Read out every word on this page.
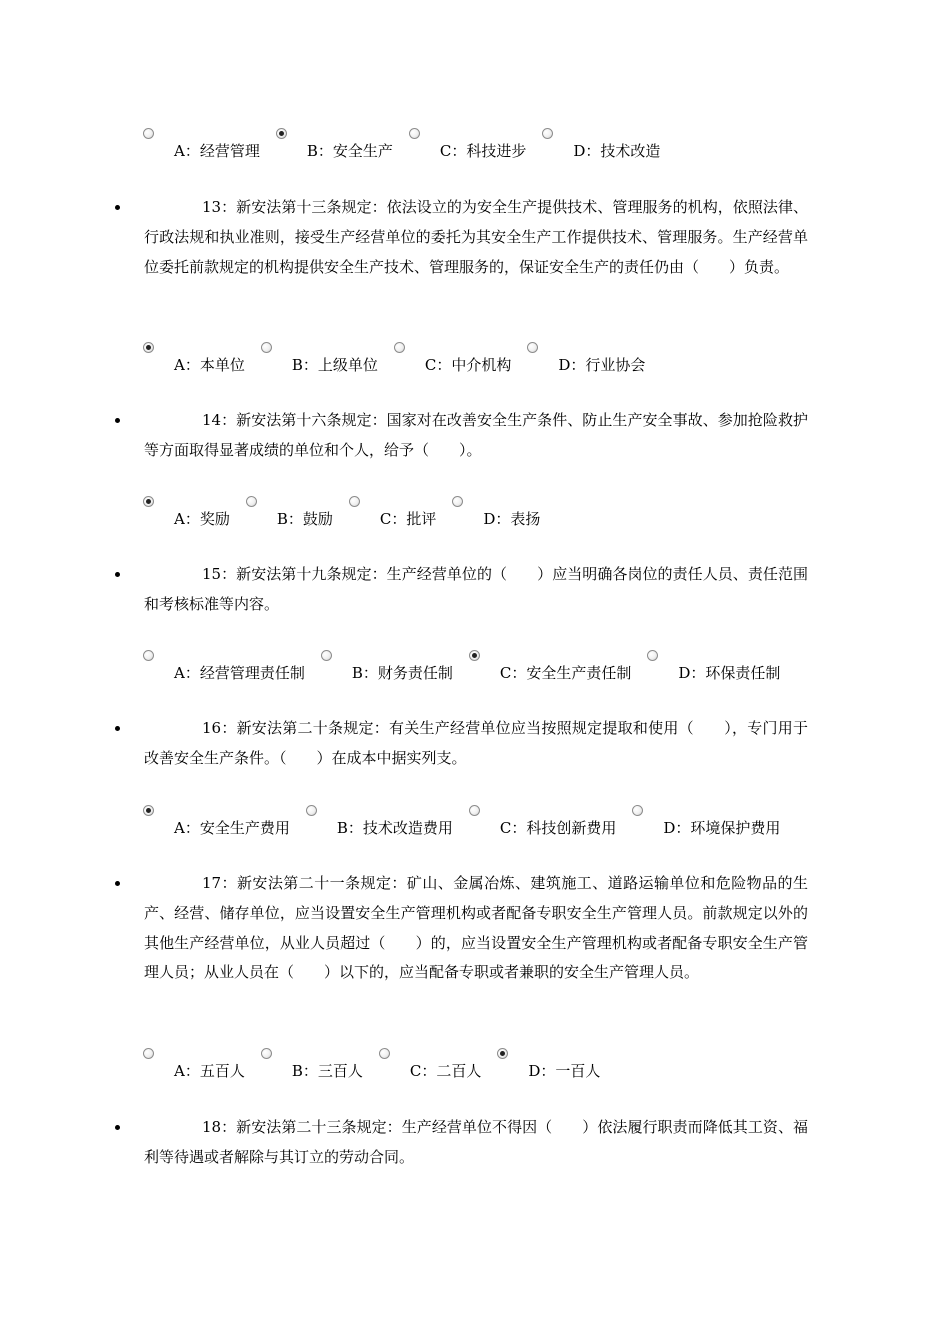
A：经营管理	B：安全生产	C：科技进步	D：技术改造
13：新安法第十三条规定：依法设立的为安全生产提供技术、管理服务的机构，依照法律、行政法规和执业准则，接受生产经营单位的委托为其安全生产工作提供技术、管理服务。生产经营单位委托前款规定的机构提供安全生产技术、管理服务的，保证安全生产的责任仍由（　　）负责。
A：本单位	B：上级单位	C：中介机构	D：行业协会
14：新安法第十六条规定：国家对在改善安全生产条件、防止生产安全事故、参加抢险救护等方面取得显著成绩的单位和个人，给予（　　）。
A：奖励	B：鼓励	C：批评	D：表扬
15：新安法第十九条规定：生产经营单位的（　　）应当明确各岗位的责任人员、责任范围和考核标准等内容。
A：经营管理责任制	B：财务责任制	C：安全生产责任制	D：环保责任制
16：新安法第二十条规定：有关生产经营单位应当按照规定提取和使用（　　），专门用于改善安全生产条件。（　　）在成本中据实列支。
A：安全生产费用	B：技术改造费用	C：科技创新费用	D：环境保护费用
17：新安法第二十一条规定：矿山、金属冶炼、建筑施工、道路运输单位和危险物品的生产、经营、储存单位，应当设置安全生产管理机构或者配备专职安全生产管理人员。前款规定以外的其他生产经营单位，从业人员超过（　　）的，应当设置安全生产管理机构或者配备专职安全生产管理人员；从业人员在（　　）以下的，应当配备专职或者兼职的安全生产管理人员。
A：五百人	B：三百人	C：二百人	D：一百人
18：新安法第二十三条规定：生产经营单位不得因（　　）依法履行职责而降低其工资、福利等待遇或者解除与其订立的劳动合同。
